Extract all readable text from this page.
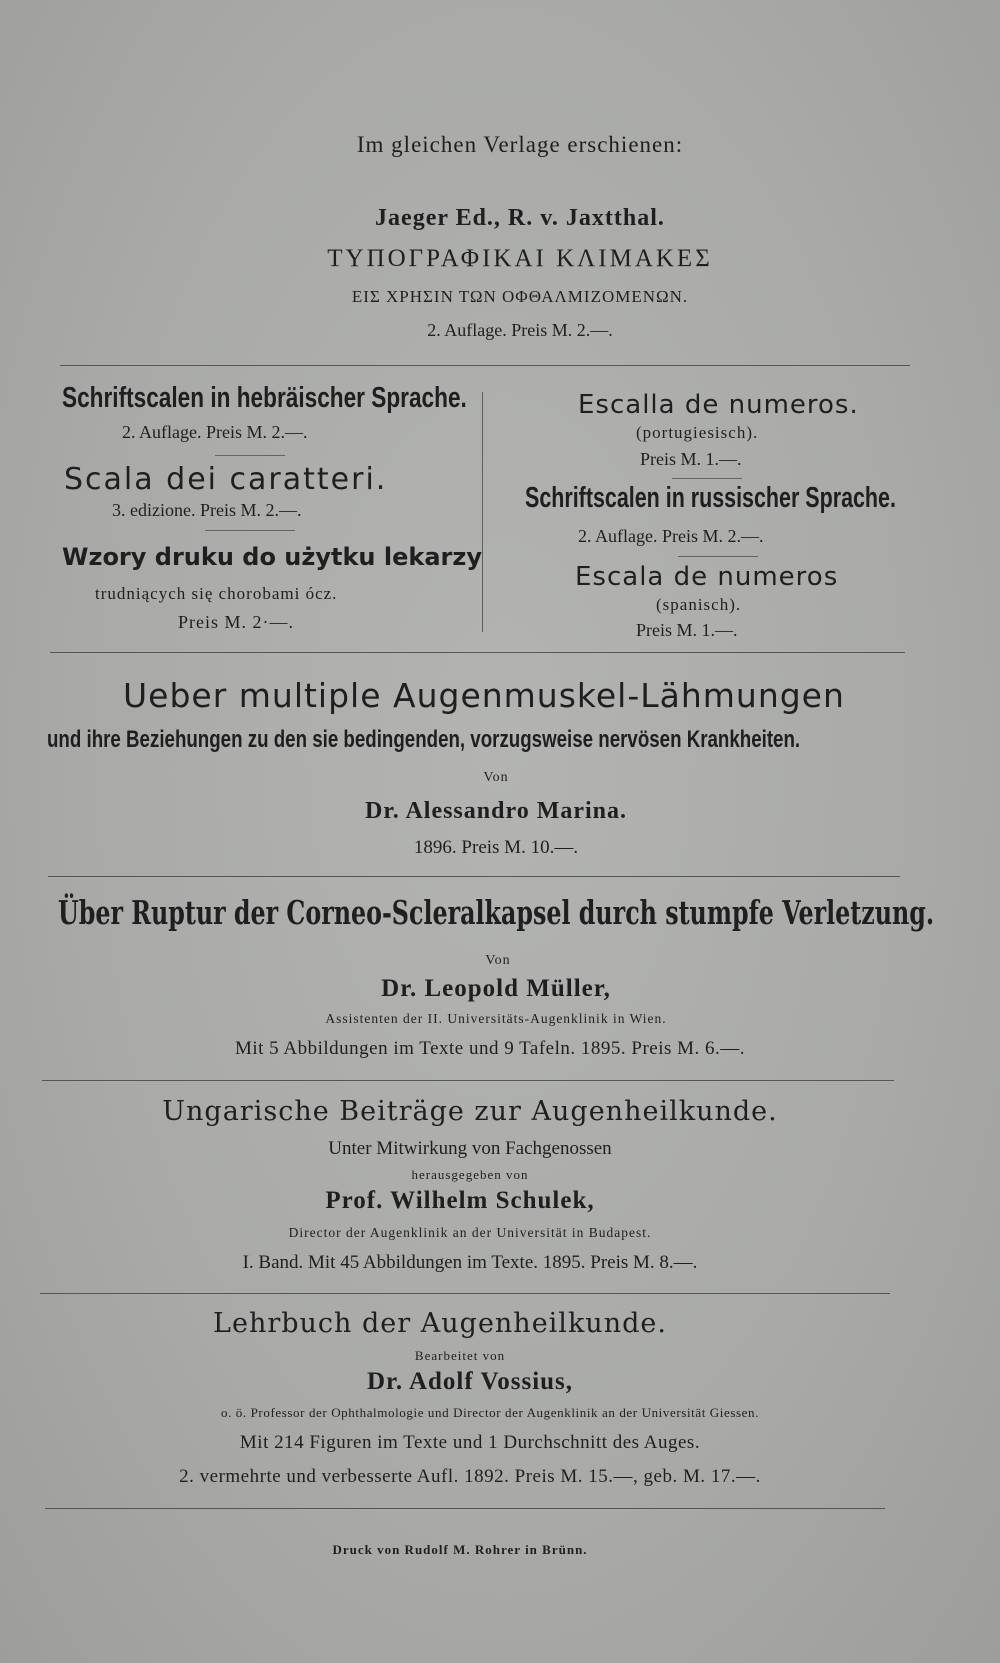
Im gleichen Verlage erschienen:
Jaeger Ed., R. v. Jaxtthal.
ΤΥΠΟΓΡΑΦΙΚΑΙ ΚΛΙΜΑΚΕΣ
ΕΙΣ ΧΡΗΣΙΝ ΤΩΝ ΟΦΘΑΛΜΙΖΟΜΕΝΩΝ.
2. Auflage. Preis M. 2.—.
Schriftscalen in hebräischer Sprache.
2. Auflage. Preis M. 2.—.
Scala dei caratteri.
3. edizione. Preis M. 2.—.
Wzory druku do użytku lekarzy
trudniących się chorobami ócz.
Preis M. 2·—.
Escalla de numeros.
(portugiesisch).
Preis M. 1.—.
Schriftscalen in russischer Sprache.
2. Auflage. Preis M. 2.—.
Escala de numeros
(spanisch).
Preis M. 1.—.
Ueber multiple Augenmuskel-Lähmungen
und ihre Beziehungen zu den sie bedingenden, vorzugsweise nervösen Krankheiten.
Von
Dr. Alessandro Marina.
1896. Preis M. 10.—.
Über Ruptur der Corneo-Scleralkapsel durch stumpfe Verletzung.
Von
Dr. Leopold Müller,
Assistenten der II. Universitäts-Augenklinik in Wien.
Mit 5 Abbildungen im Texte und 9 Tafeln. 1895. Preis M. 6.—.
Ungarische Beiträge zur Augenheilkunde.
Unter Mitwirkung von Fachgenossen
herausgegeben von
Prof. Wilhelm Schulek,
Director der Augenklinik an der Universität in Budapest.
I. Band. Mit 45 Abbildungen im Texte. 1895. Preis M. 8.—.
Lehrbuch der Augenheilkunde.
Bearbeitet von
Dr. Adolf Vossius,
o. ö. Professor der Ophthalmologie und Director der Augenklinik an der Universität Giessen.
Mit 214 Figuren im Texte und 1 Durchschnitt des Auges.
2. vermehrte und verbesserte Aufl. 1892. Preis M. 15.—, geb. M. 17.—.
Druck von Rudolf M. Rohrer in Brünn.
